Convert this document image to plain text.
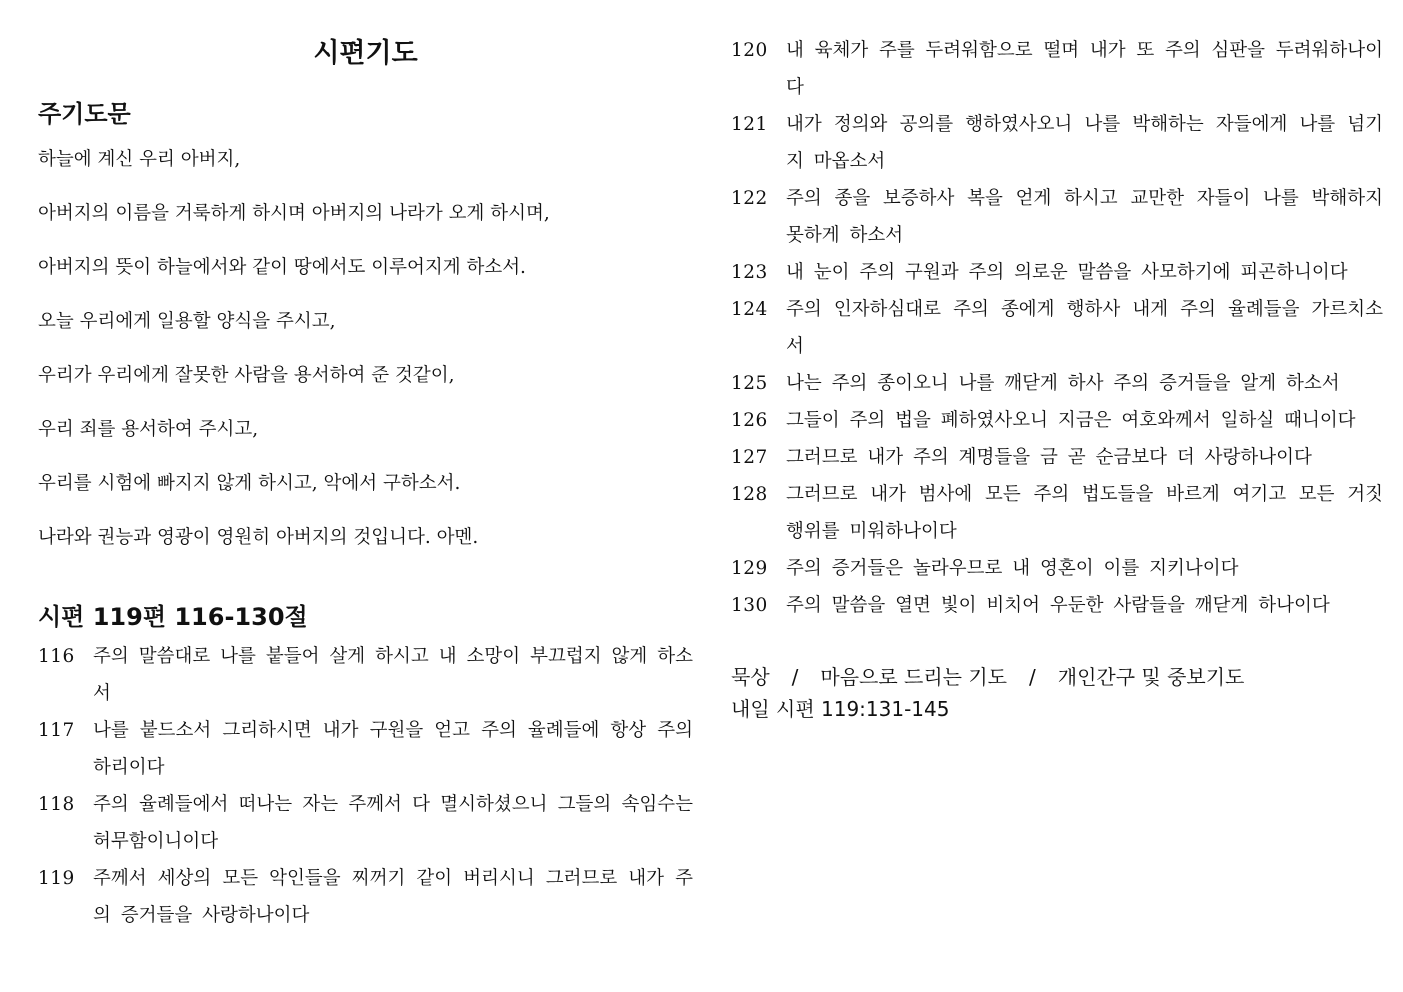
시편기도
주기도문
하늘에 계신 우리 아버지,
아버지의 이름을 거룩하게 하시며 아버지의 나라가 오게 하시며,
아버지의 뜻이 하늘에서와 같이 땅에서도 이루어지게 하소서.
오늘 우리에게 일용할 양식을 주시고,
우리가 우리에게 잘못한 사람을 용서하여 준 것같이,
우리 죄를 용서하여 주시고,
우리를 시험에 빠지지 않게 하시고, 악에서 구하소서.
나라와 권능과 영광이 영원히 아버지의 것입니다. 아멘.
시편 119편 116-130절
116 주의 말씀대로 나를 붙들어 살게 하시고 내 소망이 부끄럽지 않게 하소서
117 나를 붙드소서 그리하시면 내가 구원을 얻고 주의 율례들에 항상 주의하리이다
118 주의 율례들에서 떠나는 자는 주께서 다 멸시하셨으니 그들의 속임수는 허무함이니이다
119 주께서 세상의 모든 악인들을 찌꺼기 같이 버리시니 그러므로 내가 주의 증거들을 사랑하나이다
120 내 육체가 주를 두려워함으로 떨며 내가 또 주의 심판을 두려워하나이다
121 내가 정의와 공의를 행하였사오니 나를 박해하는 자들에게 나를 넘기지 마옵소서
122 주의 종을 보증하사 복을 얻게 하시고 교만한 자들이 나를 박해하지 못하게 하소서
123 내 눈이 주의 구원과 주의 의로운 말씀을 사모하기에 피곤하니이다
124 주의 인자하심대로 주의 종에게 행하사 내게 주의 율례들을 가르치소서
125 나는 주의 종이오니 나를 깨닫게 하사 주의 증거들을 알게 하소서
126 그들이 주의 법을 폐하였사오니 지금은 여호와께서 일하실 때니이다
127 그러므로 내가 주의 계명들을 금 곧 순금보다 더 사랑하나이다
128 그러므로 내가 범사에 모든 주의 법도들을 바르게 여기고 모든 거짓 행위를 미워하나이다
129 주의 증거들은 놀라우므로 내 영혼이 이를 지키나이다
130 주의 말씀을 열면 빛이 비치어 우둔한 사람들을 깨닫게 하나이다
묵상 / 마음으로 드리는 기도 / 개인간구 및 중보기도
내일 시편 119:131-145
